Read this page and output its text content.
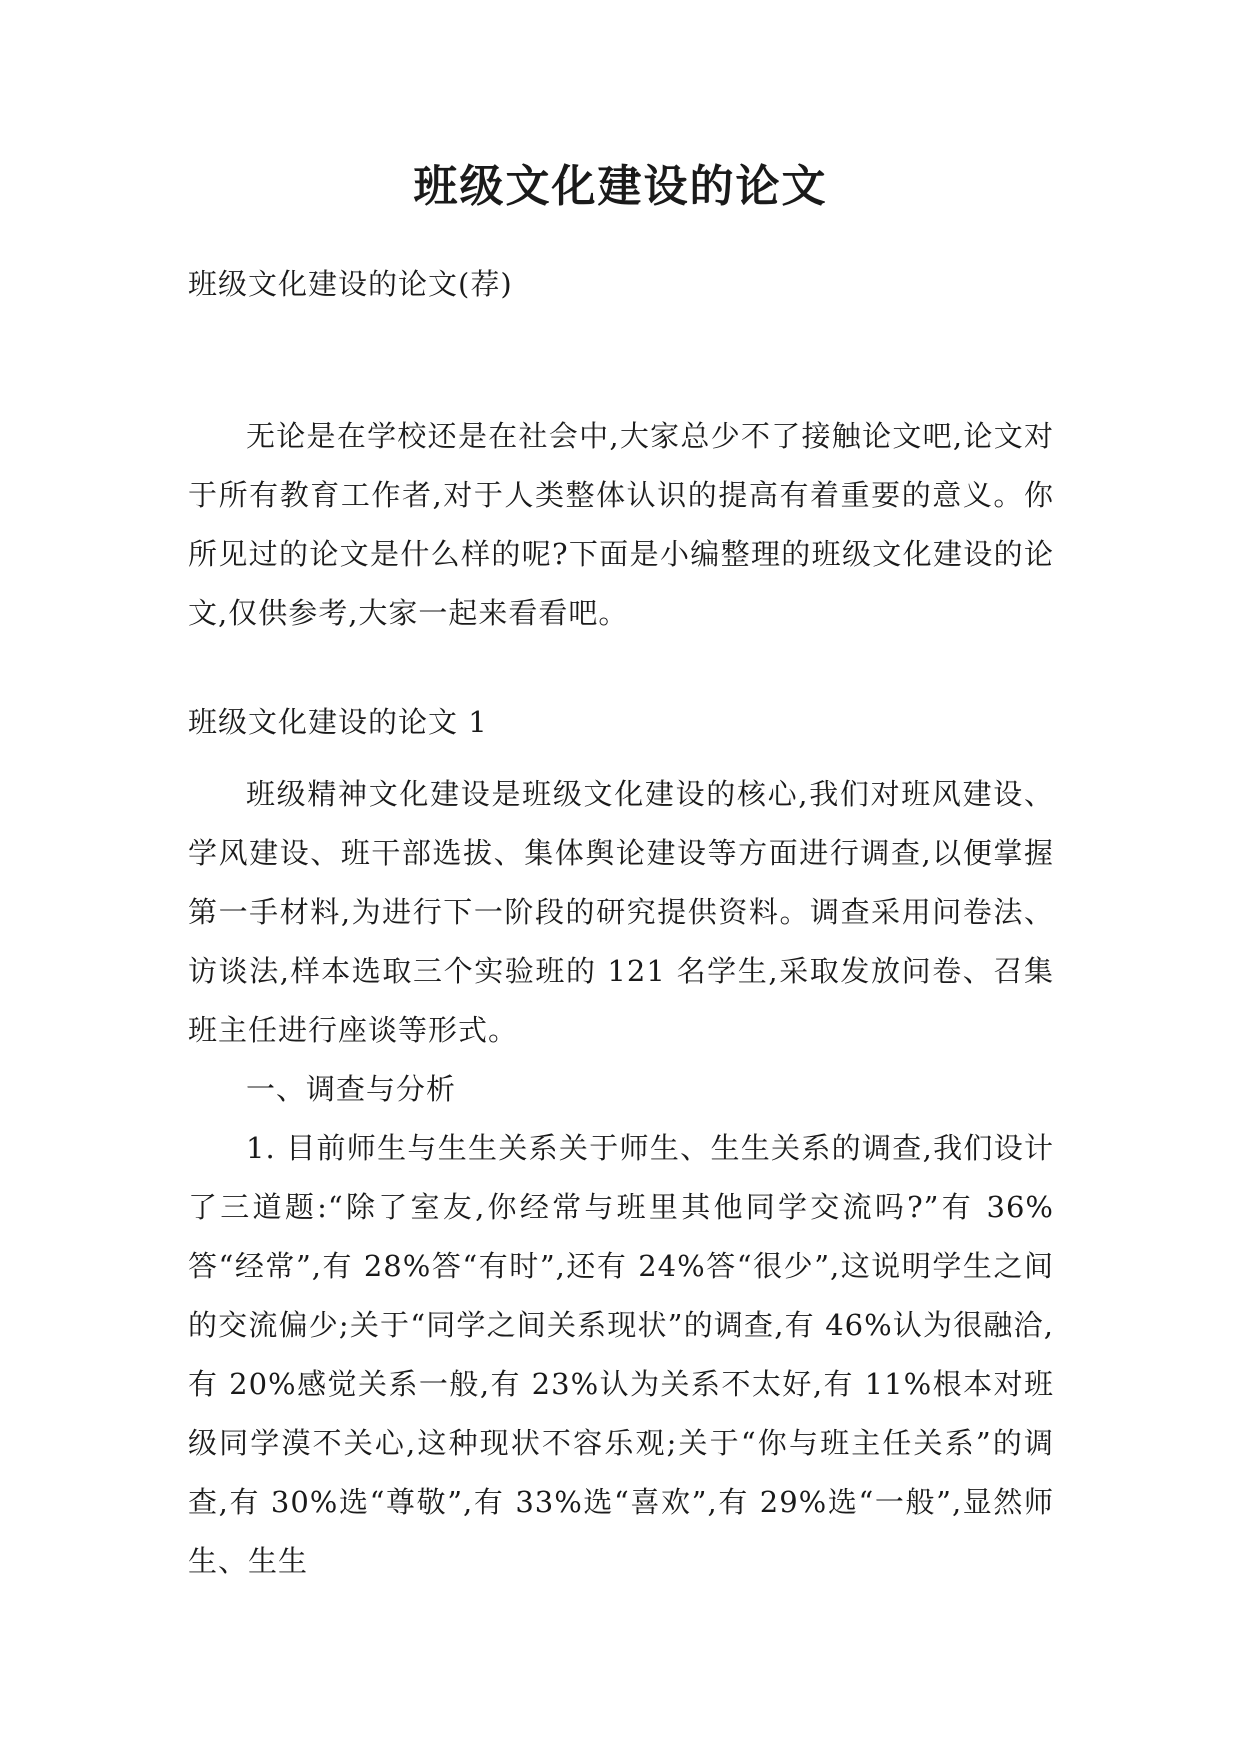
班级文化建设的论文

班级文化建设的论文(荐)

无论是在学校还是在社会中,大家总少不了接触论文吧,论文对于所有教育工作者,对于人类整体认识的提高有着重要的意义。你所见过的论文是什么样的呢?下面是小编整理的班级文化建设的论文,仅供参考,大家一起来看看吧。

班级文化建设的论文 1

班级精神文化建设是班级文化建设的核心,我们对班风建设、学风建设、班干部选拔、集体舆论建设等方面进行调查,以便掌握第一手材料,为进行下一阶段的研究提供资料。调查采用问卷法、访谈法,样本选取三个实验班的 121 名学生,采取发放问卷、召集班主任进行座谈等形式。

一、调查与分析

1. 目前师生与生生关系关于师生、生生关系的调查,我们设计了三道题:“除了室友,你经常与班里其他同学交流吗?”有 36%答“经常”,有 28%答“有时”,还有 24%答“很少”,这说明学生之间的交流偏少;关于“同学之间关系现状”的调查,有 46%认为很融洽,有 20%感觉关系一般,有 23%认为关系不太好,有 11%根本对班级同学漠不关心,这种现状不容乐观;关于“你与班主任关系”的调查,有 30%选“尊敬”,有 33%选“喜欢”,有 29%选“一般”,显然师生、生生
